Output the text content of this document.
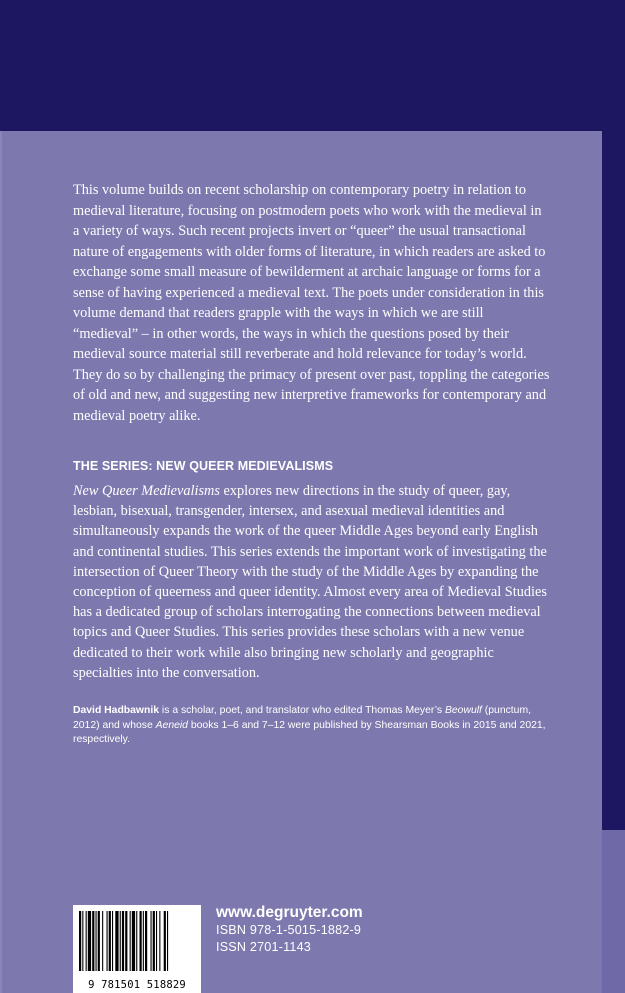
This volume builds on recent scholarship on contemporary poetry in relation to medieval literature, focusing on postmodern poets who work with the medieval in a variety of ways. Such recent projects invert or “queer” the usual transactional nature of engagements with older forms of literature, in which readers are asked to exchange some small measure of bewilderment at archaic language or forms for a sense of having experienced a medieval text. The poets under consideration in this volume demand that readers grapple with the ways in which we are still “medieval” – in other words, the ways in which the questions posed by their medieval source material still reverberate and hold relevance for today’s world. They do so by challenging the primacy of present over past, toppling the categories of old and new, and suggesting new interpretive frameworks for contemporary and medieval poetry alike.

THE SERIES: NEW QUEER MEDIEVALISMS

New Queer Medievalisms explores new directions in the study of queer, gay, lesbian, bisexual, transgender, intersex, and asexual medieval identities and simultaneously expands the work of the queer Middle Ages beyond early English and continental studies. This series extends the important work of investigating the intersection of Queer Theory with the study of the Middle Ages by expanding the conception of queerness and queer identity. Almost every area of Medieval Studies has a dedicated group of scholars interrogating the connections between medieval topics and Queer Studies. This series provides these scholars with a new venue dedicated to their work while also bringing new scholarly and geographic specialties into the conversation.

David Hadbawnik is a scholar, poet, and translator who edited Thomas Meyer’s Beowulf (punctum, 2012) and whose Aeneid books 1–6 and 7–12 were published by Shearsman Books in 2015 and 2021, respectively.

9 781501 518829
www.degruyter.com
ISBN 978-1-5015-1882-9
ISSN 2701-1143
